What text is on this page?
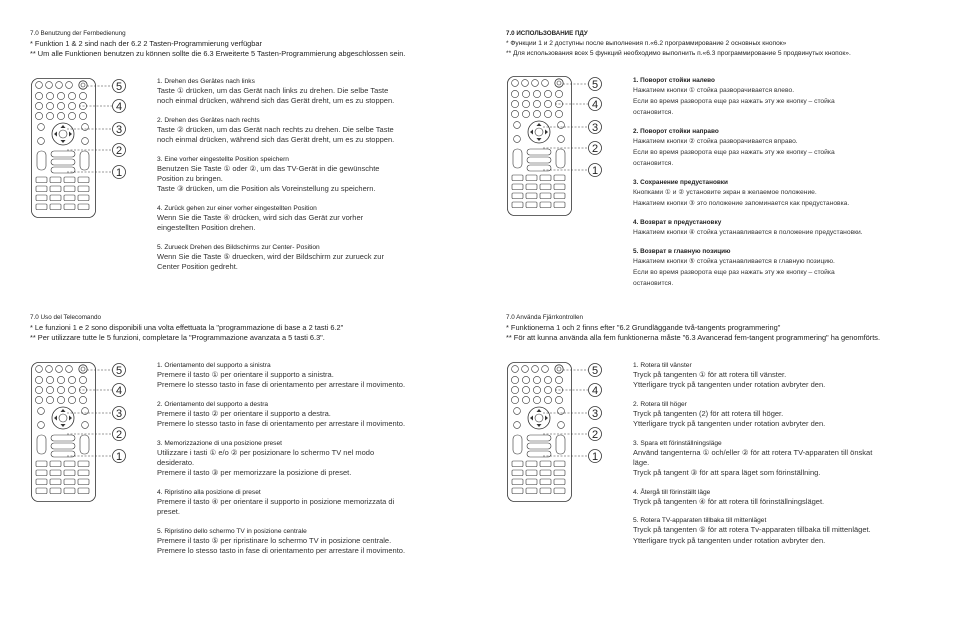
7.0 Benutzung der Fernbedienung
* Funktion 1 & 2 sind nach der 6.2 2 Tasten-Programmierung verfügbar
** Um alle Funktionen benutzen zu können sollte die 6.3 Erweiterte 5 Tasten-Programmierung abgeschlossen sein.
5
4
3
2
1
1. Drehen des Gerätes nach links
Taste ① drücken, um das Gerät nach links zu drehen. Die selbe Taste
noch einmal drücken, während sich das Gerät dreht, um es zu stoppen.
2. Drehen des Gerätes nach rechts
Taste ② drücken, um das Gerät nach rechts zu drehen. Die selbe Taste
noch einmal drücken, während sich das Gerät dreht, um es zu stoppen.
3. Eine vorher eingestellte Position speichern
Benutzen Sie Taste ① oder ②, um das TV-Gerät in die gewünschte
Position zu bringen.
Taste ③ drücken, um die Position als Voreinstellung zu speichern.
4. Zurück gehen zur einer vorher eingestellten Position
Wenn Sie die Taste ④ drücken, wird sich das Gerät zur vorher
eingestellten Position drehen.
5. Zurueck Drehen des Bildschirms zur Center- Position
Wenn Sie die Taste ⑤ druecken, wird der Bildschirm zur zurueck zur
Center Position gedreht.
7.0 ИСПОЛЬЗОВАНИЕ ПДУ
* Функции 1 и 2 доступны после выполнения п.«6.2 программирование 2 основных кнопок»
** Для использования всех 5 функций необходимо выполнить п.«6.3 программирование 5 продвинутых кнопок».
5
4
3
2
1
1. Поворот стойки налево
Нажатием кнопки ① стойка разворачивается влево.
Если во время разворота еще раз нажать эту же кнопку – стойка
остановится.
2. Поворот стойки направо
Нажатием кнопки ② стойка разворачивается вправо.
Если во время разворота еще раз нажать эту же кнопку – стойка
остановится.
3. Сохранение предустановки
Кнопками ① и ② установите экран в желаемое положение.
Нажатием кнопки ③ это положение запоминается как предустановка.
4. Возврат в предустановку
Нажатием кнопки ④ стойка устанавливается в положение предустановки.
5. Возврат в главную позицию
Нажатием кнопки ⑤ стойка устанавливается в главную позицию.
Если во время разворота еще раз нажать эту же кнопку – стойка
остановится.
7.0 Uso del Telecomando
* Le funzioni 1 e 2 sono disponibili una volta effettuata la "programmazione di base a 2 tasti 6.2"
** Per utilizzare tutte le 5 funzioni, completare la "Programmazione avanzata a 5 tasti 6.3".
5
4
3
2
1
1. Orientamento del supporto a sinistra
Premere il tasto ① per orientare il supporto a sinistra.
Premere lo stesso tasto in fase di orientamento per arrestare il movimento.
2. Orientamento del supporto a destra
Premere il tasto ② per orientare il supporto a destra.
Premere lo stesso tasto in fase di orientamento per arrestare il movimento.
3. Memorizzazione di una posizione preset
Utilizzare i tasti ① e/o ② per posizionare lo schermo TV nel modo
desiderato.
Premere il tasto ③ per memorizzare la posizione di preset.
4. Ripristino alla posizione di preset
Premere il tasto ④ per orientare il supporto in posizione memorizzata di
preset.
5. Ripristino dello schermo TV in posizione centrale
Premere il tasto ⑤ per ripristinare lo schermo TV in posizione centrale.
Premere lo stesso tasto in fase di orientamento per arrestare il movimento.
7.0 Använda Fjärrkontrollen
* Funktionerna 1 och 2 finns efter "6.2 Grundläggande två-tangents programmering"
** För att kunna använda alla fem funktionerna måste "6.3 Avancerad fem-tangent programmering" ha genomförts.
5
4
3
2
1
1. Rotera till vänster
Tryck på tangenten ① för att rotera till vänster.
Ytterligare tryck på tangenten under rotation avbryter den.
2. Rotera till höger
Tryck på tangenten (2) för att rotera till höger.
Ytterligare tryck på tangenten under rotation avbryter den.
3. Spara ett förinställningsläge
Använd tangenterna ① och/eller ② för att rotera TV-apparaten till önskat
läge.
Tryck på tangent ③ för att spara läget som förinställning.
4. Återgå till förinställt läge
Tryck på tangenten ④ för att rotera till förinställningsläget.
5. Rotera TV-apparaten tillbaka till mittenläget
Tryck på tangenten ⑤ för att rotera Tv-apparaten tillbaka till mittenläget.
Ytterligare tryck på tangenten under rotation avbryter den.
